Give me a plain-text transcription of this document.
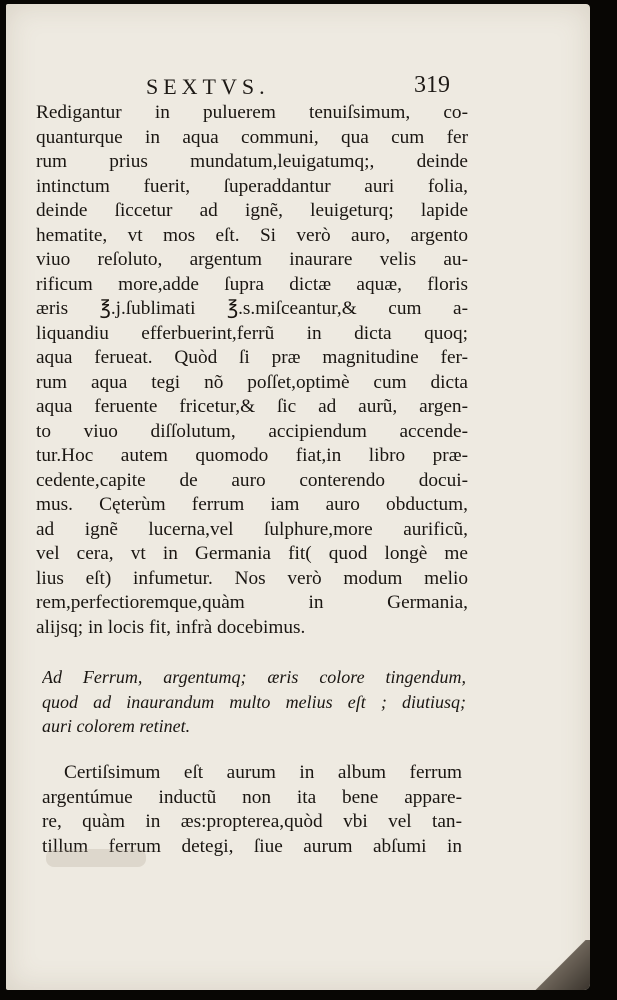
SEXTVS.	319
Redigantur in puluerem tenuiſsimum, co-
quanturque in aqua communi, qua cum fer
rum prius mundatum,leuigatumq;, deinde
intinctum fuerit, ſuperaddantur auri folia,
deinde ſiccetur ad ignẽ, leuigeturq; lapide
hematite, vt mos eſt. Si verò auro, argento
viuo reſoluto, argentum inaurare velis au-
rificum more,adde ſupra dictæ aquæ, floris
æris ℥.j.ſublimati ℥.s.miſceantur,& cum a-
liquandiu efferbuerint,ferrũ in dicta quoq;
aqua ferueat. Quòd ſi præ magnitudine fer-
rum aqua tegi nõ poſſet,optimè cum dicta
aqua feruente fricetur,& ſic ad aurũ, argen-
to viuo diſſolutum, accipiendum accende-
tur.Hoc autem quomodo fiat,in libro præ-
cedente,capite de auro conterendo docui-
mus. Cęterùm ferrum iam auro obductum,
ad ignẽ lucerna,vel ſulphure,more aurificũ,
vel cera, vt in Germania fit( quod longè me
lius eſt) infumetur. Nos verò modum melio
rem,perfectioremque,quàm in Germania,
alijsq; in locis fit, infrà docebimus.
Ad Ferrum, argentumq; æris colore tingendum,
quod ad inaurandum multo melius eſt ; diutiusq;
auri colorem retinet.
Certiſsimum eſt aurum in album ferrum
argentúmue inductũ non ita bene appare-
re, quàm in æs:propterea,quòd vbi vel tan-
tillum ferrum detegi, ſiue aurum abſumi in
